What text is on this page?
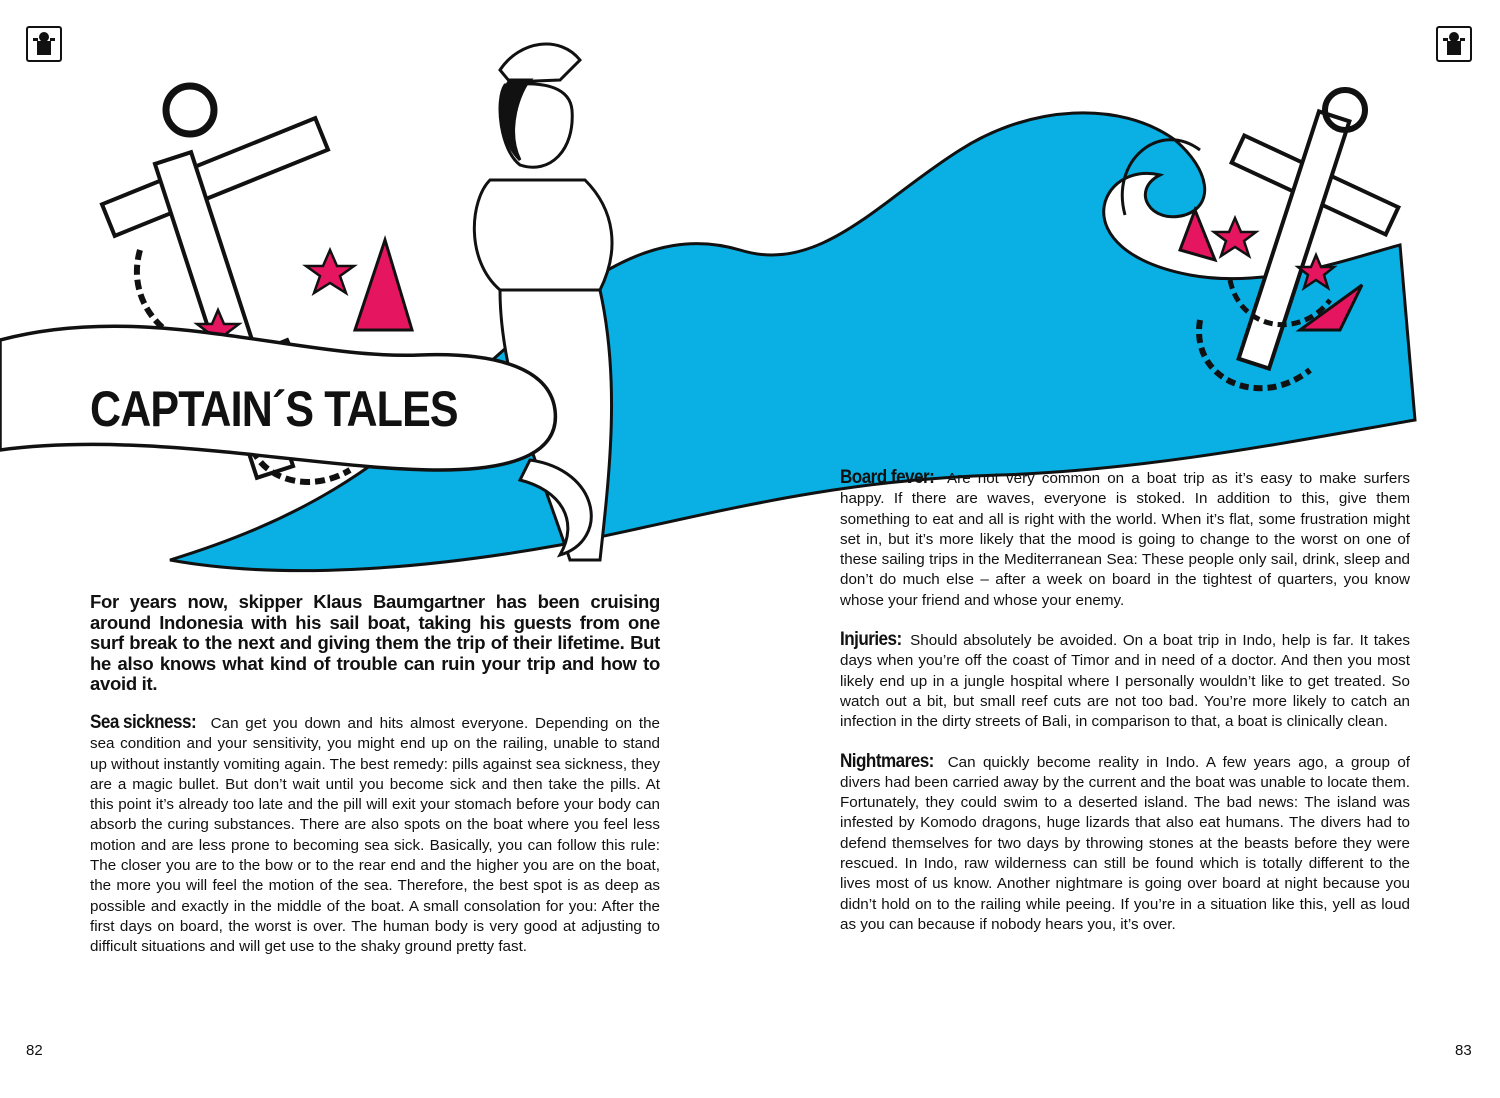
CAPTAIN´S TALES

For years now, skipper Klaus Baumgartner has been cruising around Indonesia with his sail boat, taking his guests from one surf break to the next and giving them the trip of their lifetime. But he also knows what kind of trouble can ruin your trip and how to avoid it.

Sea sickness: Can get you down and hits almost everyone. Depending on the sea condition and your sensitivity, you might end up on the railing, unable to stand up without instantly vomiting again. The best remedy: pills against sea sickness, they are a magic bullet. But don’t wait until you become sick and then take the pills. At this point it’s already too late and the pill will exit your stomach before your body can absorb the curing substances. There are also spots on the boat where you feel less motion and are less prone to becoming sea sick. Basically, you can follow this rule: The closer you are to the bow or to the rear end and the higher you are on the boat, the more you will feel the motion of the sea. Therefore, the best spot is as deep as possible and exactly in the middle of the boat. A small consolation for you: After the first days on board, the worst is over. The human body is very good at adjusting to difficult situations and will get use to the shaky ground pretty fast.

Board fever: Are not very common on a boat trip as it’s easy to make surfers happy. If there are waves, everyone is stoked. In addition to this, give them something to eat and all is right with the world. When it’s flat, some frustration might set in, but it’s more likely that the mood is going to change to the worst on one of these sailing trips in the Mediterranean Sea: These people only sail, drink, sleep and don’t do much else – after a week on board in the tightest of quarters, you know whose your friend and whose your enemy.

Injuries: Should absolutely be avoided. On a boat trip in Indo, help is far. It takes days when you’re off the coast of Timor and in need of a doctor. And then you most likely end up in a jungle hospital where I personally wouldn’t like to get treated. So watch out a bit, but small reef cuts are not too bad. You’re more likely to catch an infection in the dirty streets of Bali, in comparison to that, a boat is clinically clean.

Nightmares: Can quickly become reality in Indo. A few years ago, a group of divers had been carried away by the current and the boat was unable to locate them. Fortunately, they could swim to a deserted island. The bad news: The island was infested by Komodo dragons, huge lizards that also eat humans. The divers had to defend themselves for two days by throwing stones at the beasts before they were rescued. In Indo, raw wilderness can still be found which is totally different to the lives most of us know. Another nightmare is going over board at night because you didn’t hold on to the railing while peeing. If you’re in a situation like this, yell as loud as you can because if nobody hears you, it’s over.

82	83
